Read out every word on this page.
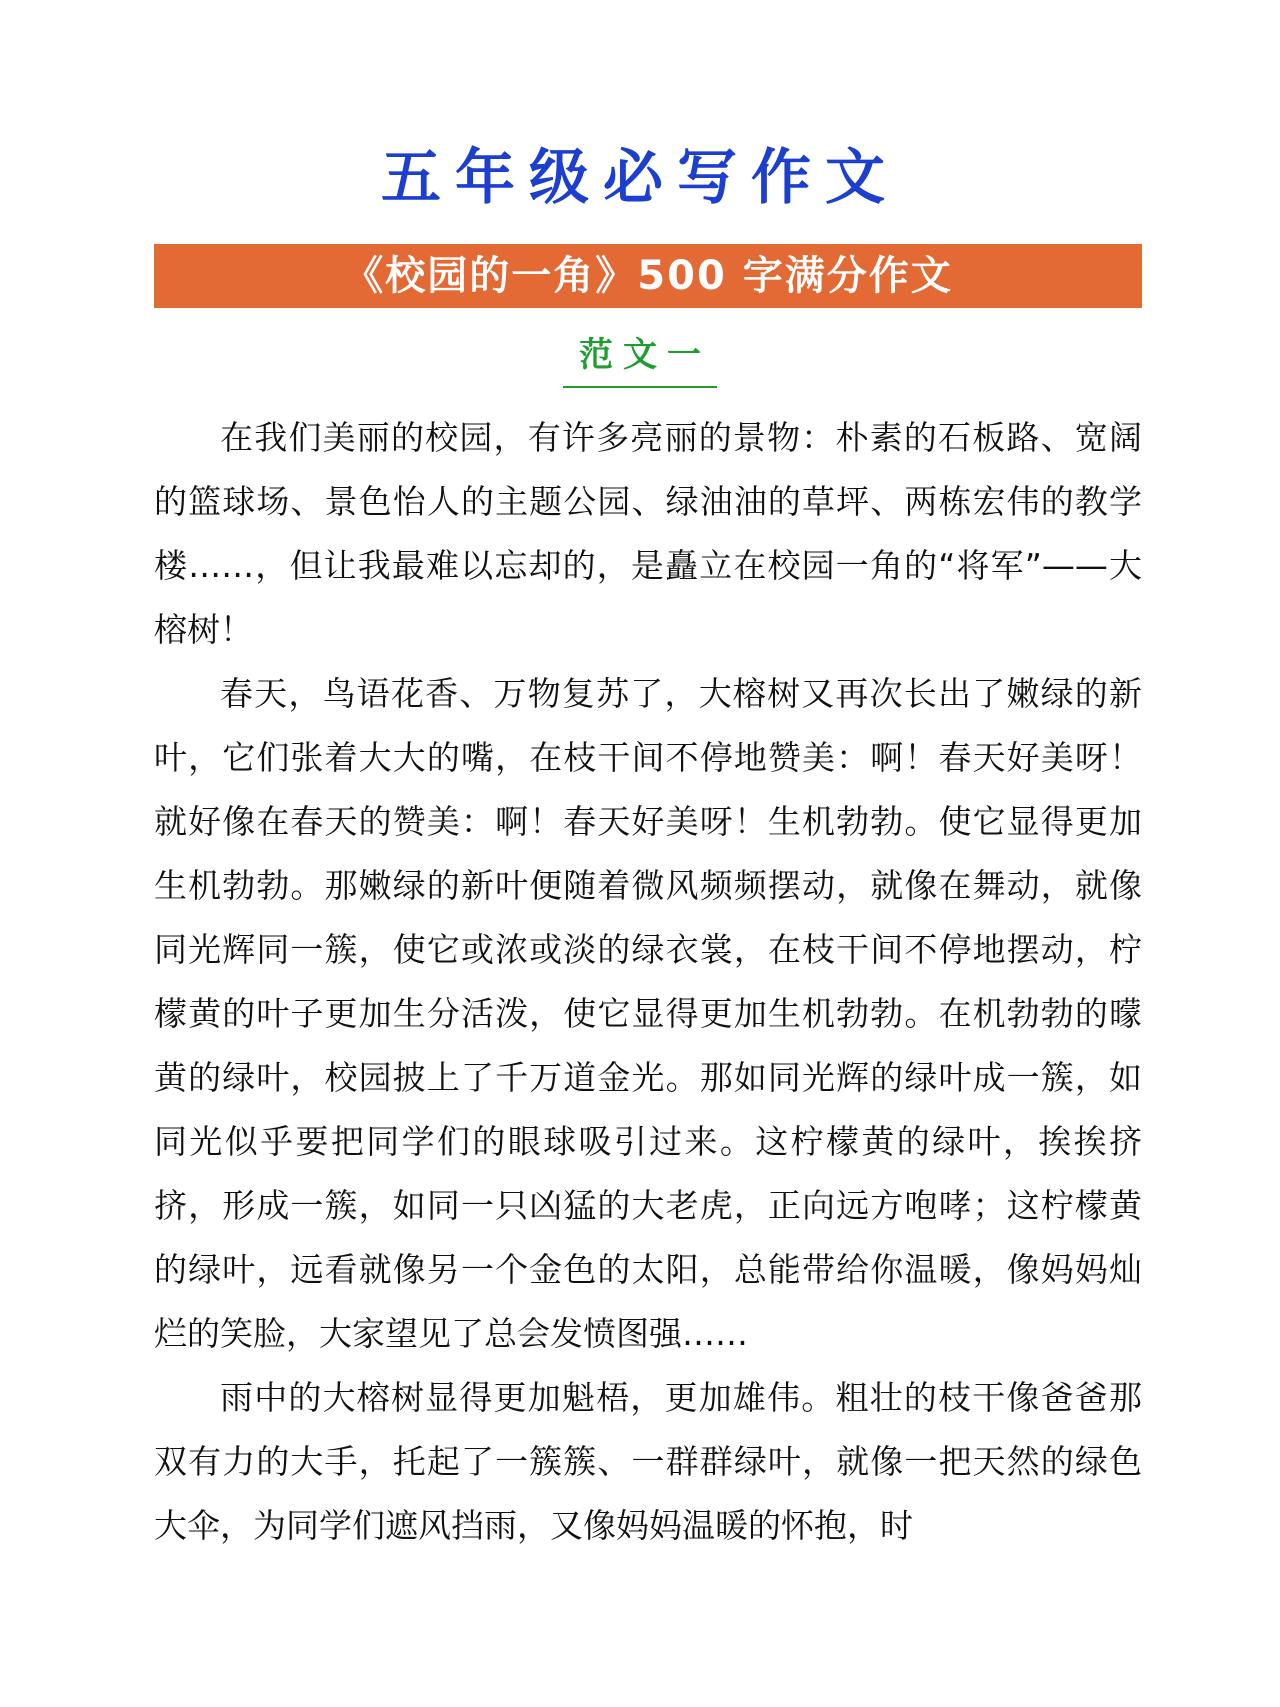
五年级必写作文
《校园的一角》500 字满分作文
范文一

在我们美丽的校园，有许多亮丽的景物：朴素的石板路、宽阔的篮球场、景色怡人的主题公园、绿油油的草坪、两栋宏伟的教学楼……，但让我最难以忘却的，是矗立在校园一角的“将军”——大榕树！

春天，鸟语花香、万物复苏了，大榕树又再次长出了嫩绿的新叶，它们张着大大的嘴，在枝干间不停地赞美：啊！春天好美呀！就好像在春天的赞美：啊！春天好美呀！生机勃勃。使它显得更加生机勃勃。那嫩绿的新叶便随着微风频频摆动，就像在舞动，就像同光辉同一簇，使它或浓或淡的绿衣裳，在枝干间不停地摆动，柠檬黄的叶子更加生分活泼，使它显得更加生机勃勃。在机勃勃的曚黄的绿叶，校园披上了千万道金光。那如同光辉的绿叶成一簇，如同光似乎要把同学们的眼球吸引过来。这柠檬黄的绿叶，挨挨挤挤，形成一簇，如同一只凶猛的大老虎，正向远方咆哮；这柠檬黄的绿叶，远看就像另一个金色的太阳，总能带给你温暖，像妈妈灿烂的笑脸，大家望见了总会发愤图强……

雨中的大榕树显得更加魁梧，更加雄伟。粗壮的枝干像爸爸那双有力的大手，托起了一簇簇、一群群绿叶，就像一把天然的绿色大伞，为同学们遮风挡雨，又像妈妈温暖的怀抱，时
